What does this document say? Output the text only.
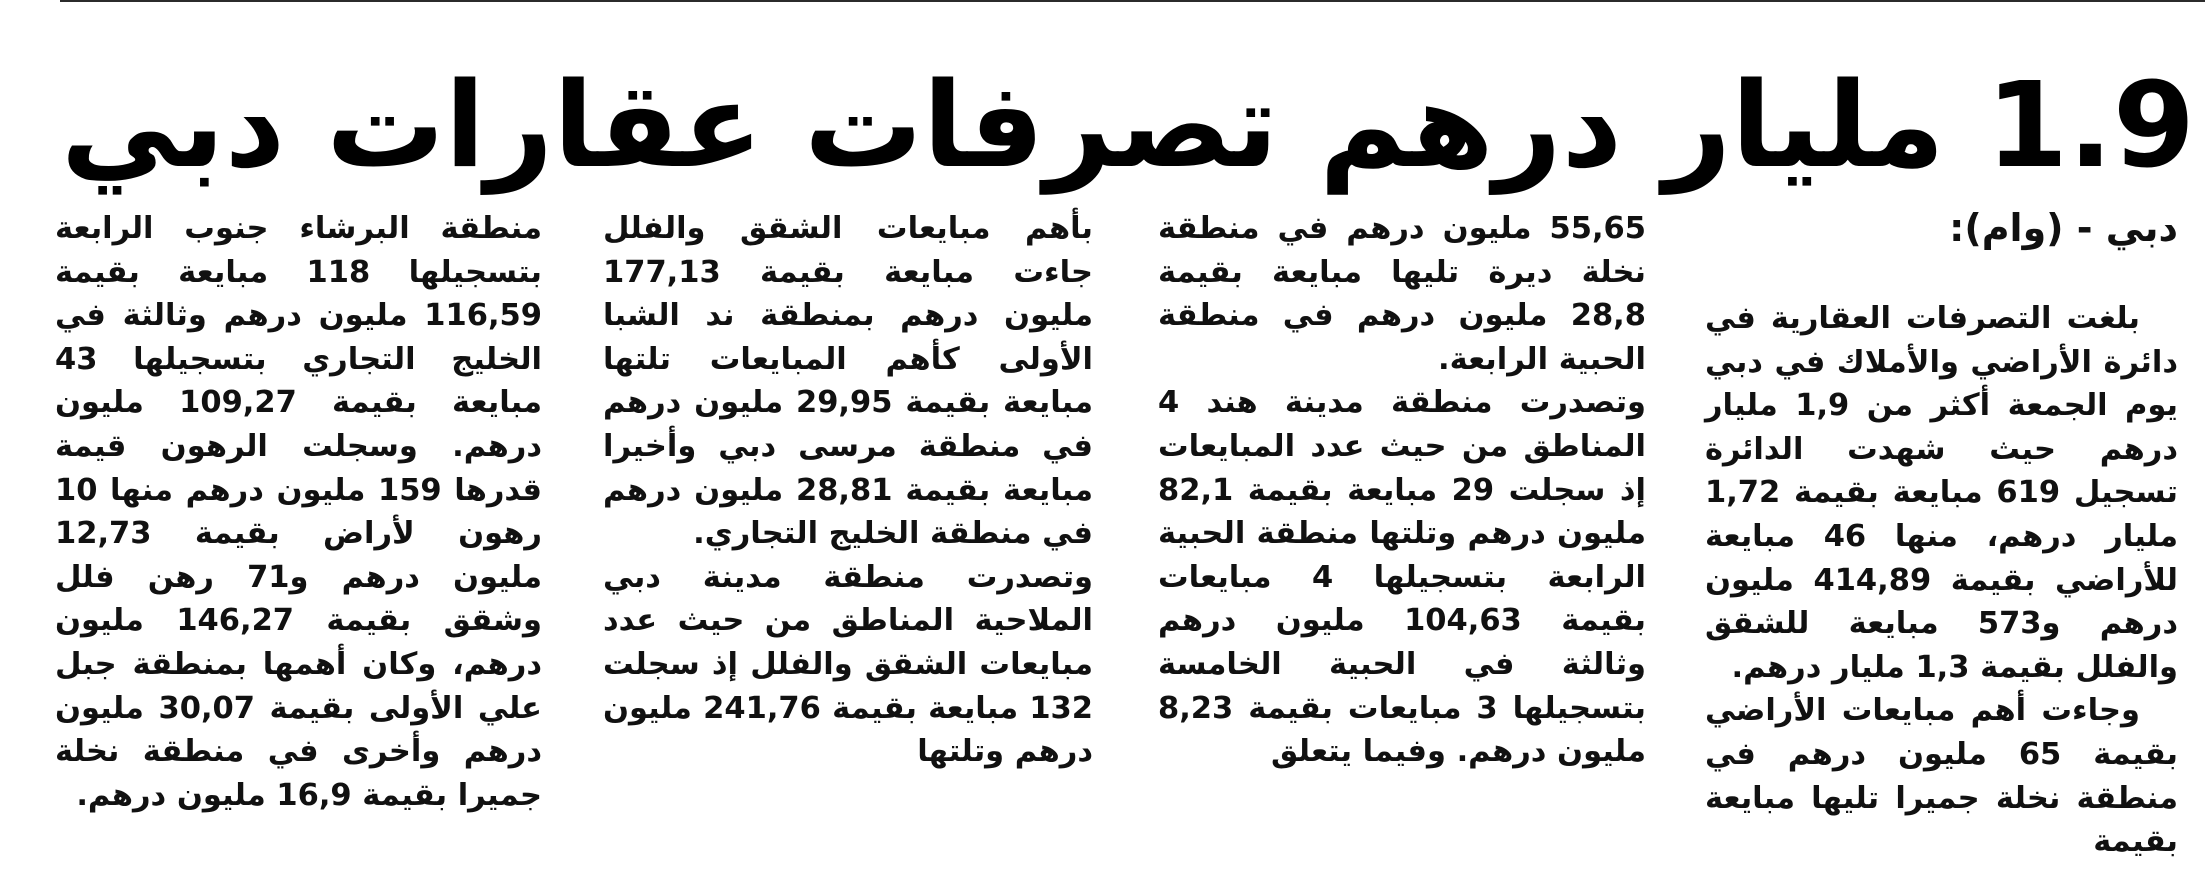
1.9 مليار درهم تصرفات عقارات دبي

دبي - (وام):

بلغت التصرفات العقارية في دائرة الأراضي والأملاك في دبي يوم الجمعة أكثر من 1,9 مليار درهم حيث شهدت الدائرة تسجيل 619 مبايعة بقيمة 1,72 مليار درهم، منها 46 مبايعة للأراضي بقيمة 414,89 مليون درهم و573 مبايعة للشقق والفلل بقيمة 1,3 مليار درهم.

وجاءت أهم مبايعات الأراضي بقيمة 65 مليون درهم في منطقة نخلة جميرا تليها مبايعة بقيمة

55,65 مليون درهم في منطقة نخلة ديرة تليها مبايعة بقيمة 28,8 مليون درهم في منطقة الحبية الرابعة.

وتصدرت منطقة مدينة هند 4 المناطق من حيث عدد المبايعات إذ سجلت 29 مبايعة بقيمة 82,1 مليون درهم وتلتها منطقة الحبية الرابعة بتسجيلها 4 مبايعات بقيمة 104,63 مليون درهم وثالثة في الحبية الخامسة بتسجيلها 3 مبايعات بقيمة 8,23 مليون درهم. وفيما يتعلق

بأهم مبايعات الشقق والفلل جاءت مبايعة بقيمة 177,13 مليون درهم بمنطقة ند الشبا الأولى كأهم المبايعات تلتها مبايعة بقيمة 29,95 مليون درهم في منطقة مرسى دبي وأخيرا مبايعة بقيمة 28,81 مليون درهم في منطقة الخليج التجاري.

وتصدرت منطقة مدينة دبي الملاحية المناطق من حيث عدد مبايعات الشقق والفلل إذ سجلت 132 مبايعة بقيمة 241,76 مليون درهم وتلتها

منطقة البرشاء جنوب الرابعة بتسجيلها 118 مبايعة بقيمة 116,59 مليون درهم وثالثة في الخليج التجاري بتسجيلها 43 مبايعة بقيمة 109,27 مليون درهم. وسجلت الرهون قيمة قدرها 159 مليون درهم منها 10 رهون لأراض بقيمة 12,73 مليون درهم و71 رهن فلل وشقق بقيمة 146,27 مليون درهم، وكان أهمها بمنطقة جبل علي الأولى بقيمة 30,07 مليون درهم وأخرى في منطقة نخلة جميرا بقيمة 16,9 مليون درهم.
